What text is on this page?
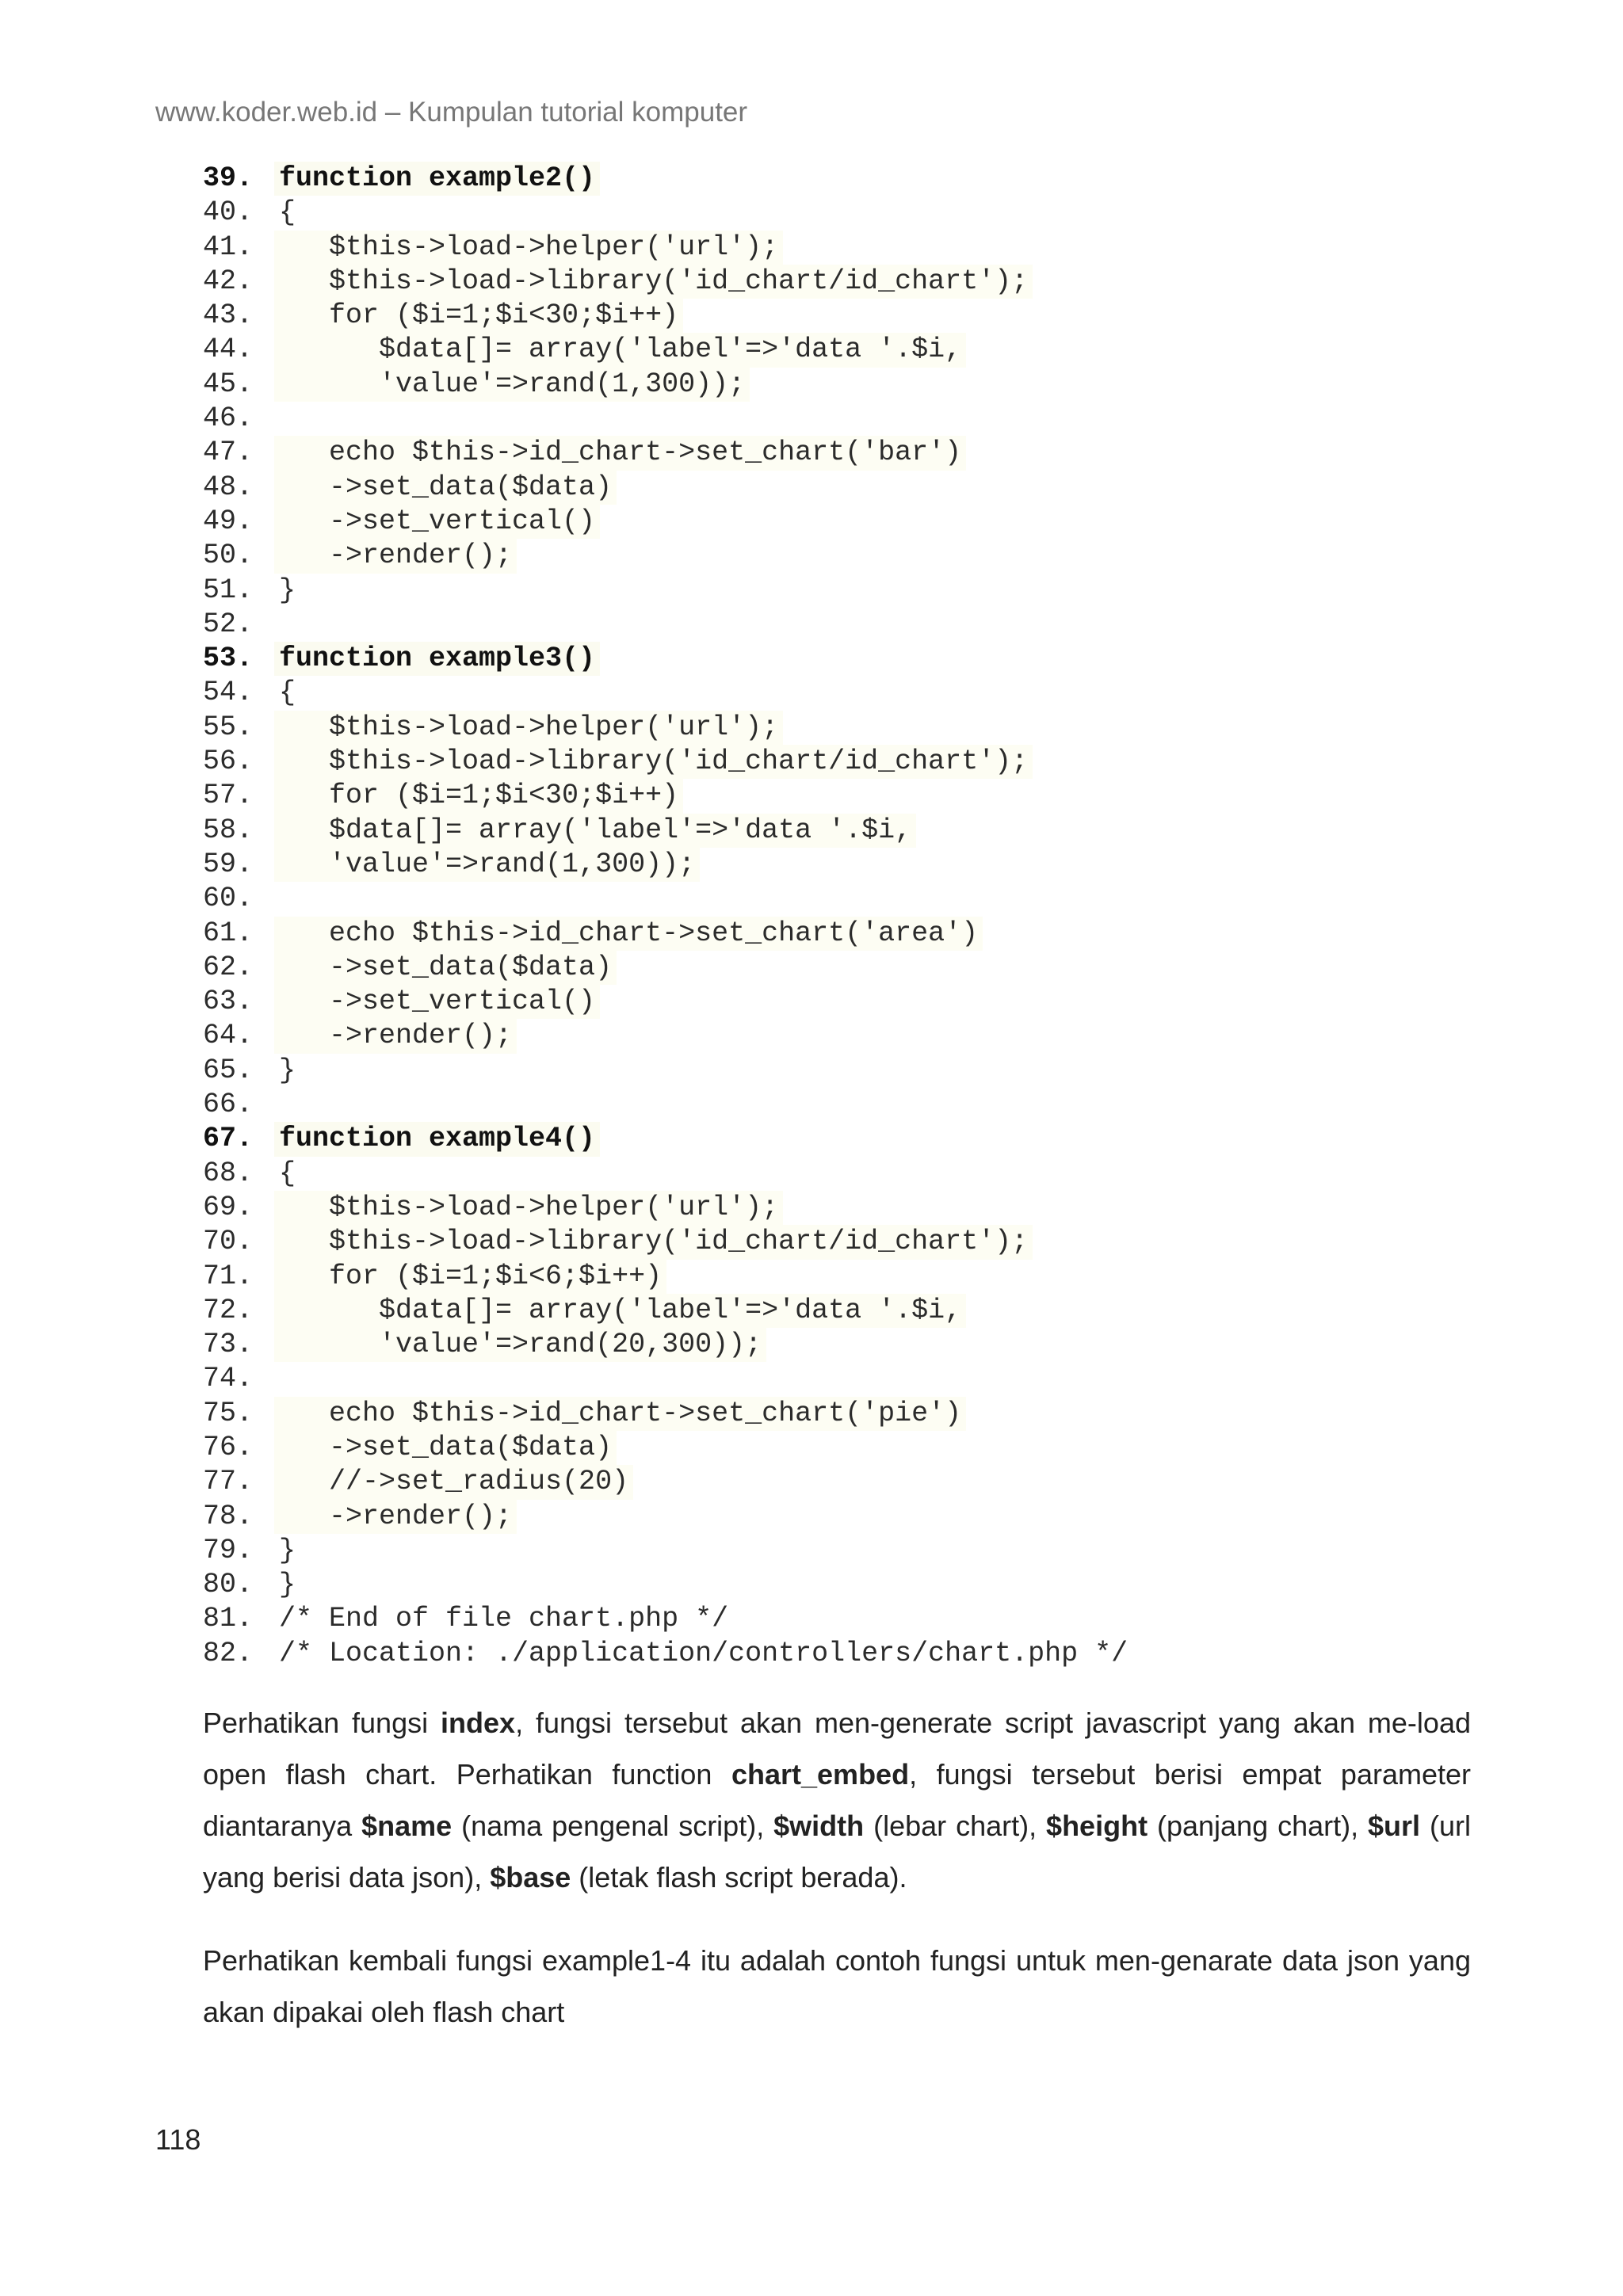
www.koder.web.id – Kumpulan tutorial komputer
39. function example2()
40. {
41.   $this->load->helper('url');
42.   $this->load->library('id_chart/id_chart');
43.   for ($i=1;$i<30;$i++)
44.      $data[]= array('label'=>'data '.$i,
45.      'value'=>rand(1,300));
46.
47.   echo $this->id_chart->set_chart('bar')
48.   ->set_data($data)
49.   ->set_vertical()
50.   ->render();
51. }
52.
53. function example3()
54. {
55.   $this->load->helper('url');
56.   $this->load->library('id_chart/id_chart');
57.   for ($i=1;$i<30;$i++)
58.   $data[]= array('label'=>'data '.$i,
59.   'value'=>rand(1,300));
60.
61.   echo $this->id_chart->set_chart('area')
62.   ->set_data($data)
63.   ->set_vertical()
64.   ->render();
65. }
66.
67. function example4()
68. {
69.   $this->load->helper('url');
70.   $this->load->library('id_chart/id_chart');
71.   for ($i=1;$i<6;$i++)
72.      $data[]= array('label'=>'data '.$i,
73.      'value'=>rand(20,300));
74.
75.   echo $this->id_chart->set_chart('pie')
76.   ->set_data($data)
77.   //->set_radius(20)
78.   ->render();
79. }
80. }
81. /* End of file chart.php */
82. /* Location: ./application/controllers/chart.php */

Perhatikan fungsi index, fungsi tersebut akan men-generate script javascript yang akan me-load open flash chart. Perhatikan function chart_embed, fungsi tersebut berisi empat parameter diantaranya $name (nama pengenal script), $width (lebar chart), $height (panjang chart), $url (url yang berisi data json), $base (letak flash script berada).

Perhatikan kembali fungsi example1-4 itu adalah contoh fungsi untuk men-genarate data json yang akan dipakai oleh flash chart

118
